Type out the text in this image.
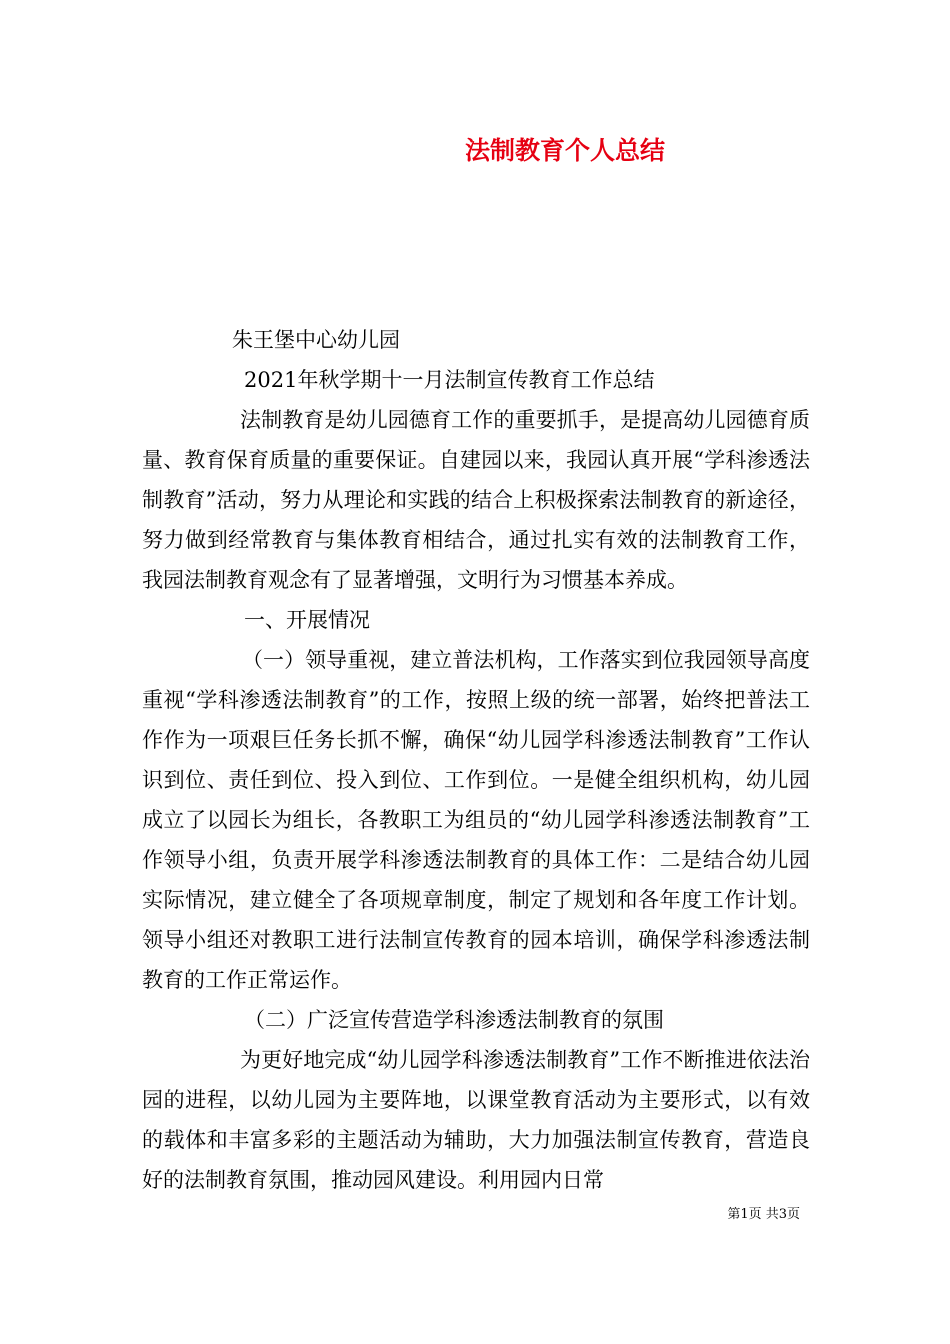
法制教育个人总结

朱王堡中心幼儿园

2021年秋学期十一月法制宣传教育工作总结

法制教育是幼儿园德育工作的重要抓手，是提高幼儿园德育质量、教育保育质量的重要保证。自建园以来，我园认真开展“学科渗透法制教育”活动，努力从理论和实践的结合上积极探索法制教育的新途径，努力做到经常教育与集体教育相结合，通过扎实有效的法制教育工作，我园法制教育观念有了显著增强，文明行为习惯基本养成。

一、开展情况

（一）领导重视，建立普法机构，工作落实到位我园领导高度重视“学科渗透法制教育”的工作，按照上级的统一部署，始终把普法工作作为一项艰巨任务长抓不懈，确保“幼儿园学科渗透法制教育”工作认识到位、责任到位、投入到位、工作到位。一是健全组织机构，幼儿园成立了以园长为组长，各教职工为组员的“幼儿园学科渗透法制教育”工作领导小组，负责开展学科渗透法制教育的具体工作：二是结合幼儿园实际情况，建立健全了各项规章制度，制定了规划和各年度工作计划。领导小组还对教职工进行法制宣传教育的园本培训，确保学科渗透法制教育的工作正常运作。

（二）广泛宣传营造学科渗透法制教育的氛围

为更好地完成“幼儿园学科渗透法制教育”工作不断推进依法治园的进程，以幼儿园为主要阵地，以课堂教育活动为主要形式，以有效的载体和丰富多彩的主题活动为辅助，大力加强法制宣传教育，营造良好的法制教育氛围，推动园风建设。利用园内日常

第1页 共3页
